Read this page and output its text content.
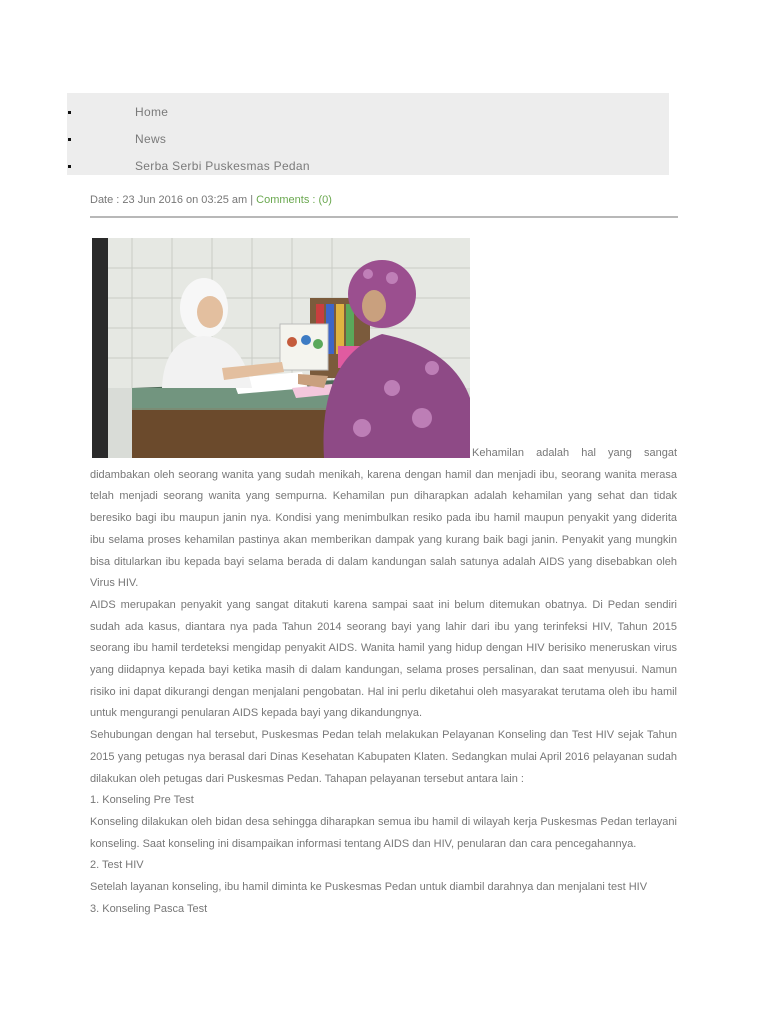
Home
News
Serba Serbi Puskesmas Pedan
Date : 23 Jun 2016 on 03:25 am | Comments : (0)

Kehamilan adalah hal yang sangat didambakan oleh seorang wanita yang sudah menikah, karena dengan hamil dan menjadi ibu, seorang wanita merasa telah menjadi seorang wanita yang sempurna. Kehamilan pun diharapkan adalah kehamilan yang sehat dan tidak beresiko bagi ibu maupun janin nya. Kondisi yang menimbulkan resiko pada ibu hamil maupun penyakit yang diderita ibu selama proses kehamilan pastinya akan memberikan dampak yang kurang baik bagi janin. Penyakit yang mungkin bisa ditularkan ibu kepada bayi selama berada di dalam kandungan salah satunya adalah AIDS yang disebabkan oleh Virus HIV.

AIDS merupakan penyakit yang sangat ditakuti karena sampai saat ini belum ditemukan obatnya. Di Pedan sendiri sudah ada kasus, diantara nya pada Tahun 2014 seorang bayi yang lahir dari ibu yang terinfeksi HIV, Tahun 2015 seorang ibu hamil terdeteksi mengidap penyakit AIDS. Wanita hamil yang hidup dengan HIV berisiko meneruskan virus yang diidapnya kepada bayi ketika masih di dalam kandungan, selama proses persalinan, dan saat menyusui. Namun risiko ini dapat dikurangi dengan menjalani pengobatan. Hal ini perlu diketahui oleh masyarakat terutama oleh ibu hamil untuk mengurangi penularan AIDS kepada bayi yang dikandungnya.

Sehubungan dengan hal tersebut, Puskesmas Pedan telah melakukan Pelayanan Konseling dan Test HIV sejak Tahun 2015 yang petugas nya berasal dari Dinas Kesehatan Kabupaten Klaten. Sedangkan mulai April 2016 pelayanan sudah dilakukan oleh petugas dari Puskesmas Pedan. Tahapan pelayanan tersebut antara lain :

1. Konseling Pre Test

Konseling dilakukan oleh bidan desa sehingga diharapkan semua ibu hamil di wilayah kerja Puskesmas Pedan terlayani konseling. Saat konseling ini disampaikan informasi tentang AIDS dan HIV, penularan dan cara pencegahannya.

2. Test HIV

Setelah layanan konseling, ibu hamil diminta ke Puskesmas Pedan untuk diambil darahnya dan menjalani test HIV

3. Konseling Pasca Test
